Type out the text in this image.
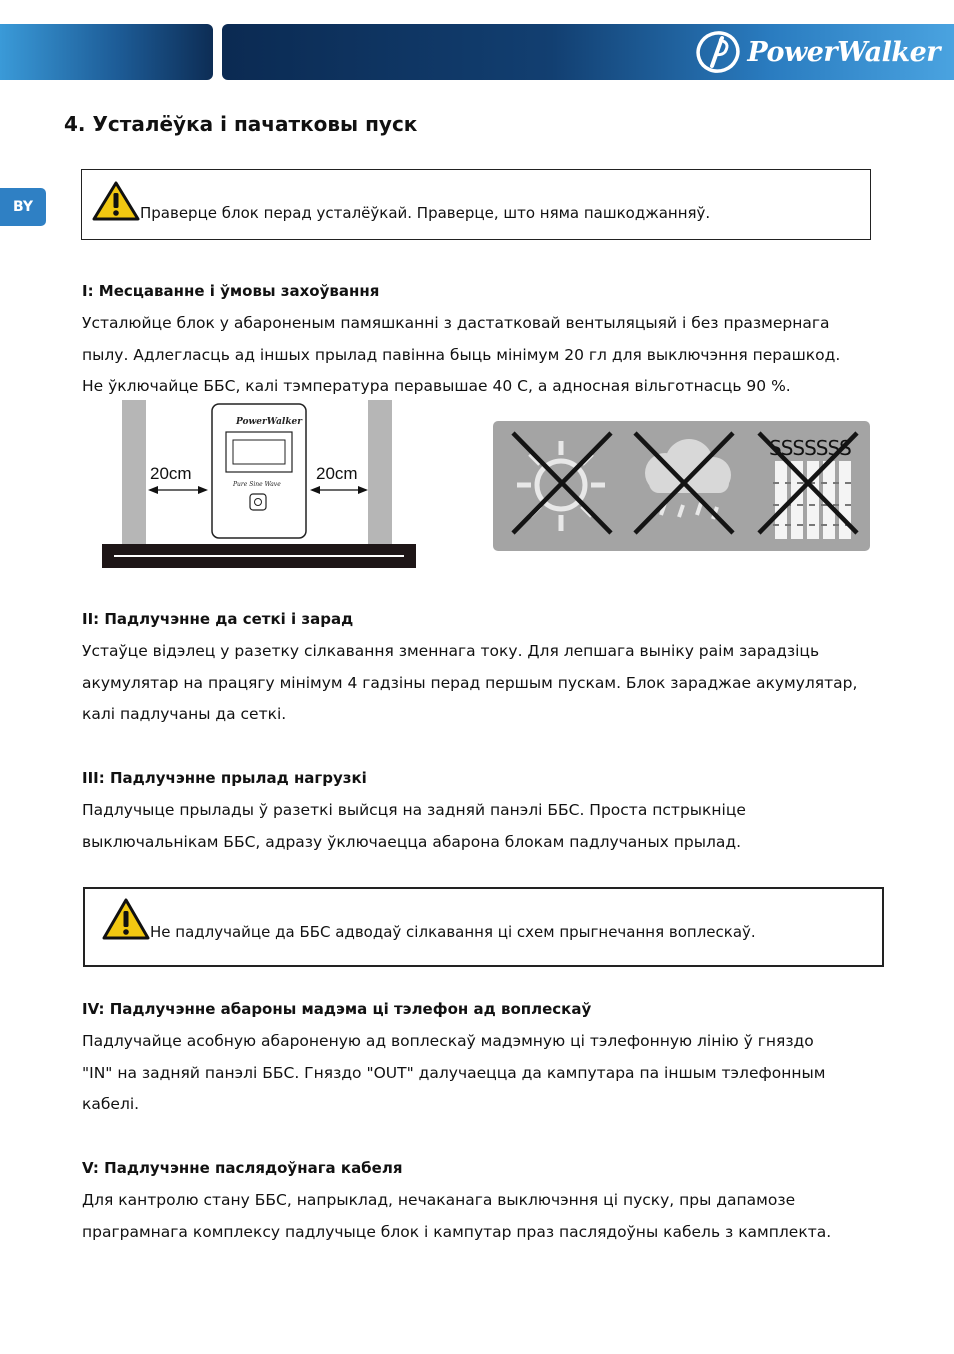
PowerWalker
4. Усталёўка і пачатковы пуск
BY	Праверце блок перад усталёўкай. Праверце, што няма пашкоджанняў.
I: Месцаванне і ўмовы захоўвання
Усталюйце блок у абароненым памяшканні з дастатковай вентыляцыяй і без празмернага
пылу. Адлегласць ад іншых прылад павінна быць мінімум 20 гл для выключэння перашкод.
Не ўключайце ББС, калі тэмпература перавышае 40 С, а адносная вільготнасць 90 %.
PowerWalker
Pure Sine Wave
20cm	20cm
SSSSSSS
II: Падлучэнне да сеткі і зарад
Устаўце відэлец у разетку сілкавання зменнага току. Для лепшага выніку раім зарадзіць
акумулятар на працягу мінімум 4 гадзіны перад першым пускам. Блок зараджае акумулятар,
калі падлучаны да сеткі.
III: Падлучэнне прылад нагрузкі
Падлучыце прылады ў разеткі выйсця на задняй панэлі ББС. Проста пстрыкніце
выключальнікам ББС, адразу ўключаецца абарона блокам падлучаных прылад.
Не падлучайце да ББС адводаў сілкавання ці схем прыгнечання воплескаў.
IV: Падлучэнне абароны мадэма ці тэлефон ад воплескаў
Падлучайце асобную абароненую ад воплескаў мадэмную ці тэлефонную лінію ў гняздо
"IN" на задняй панэлі ББС. Гняздо "OUT" далучаецца да кампутара па іншым тэлефонным
кабелі.
V: Падлучэнне паслядоўнага кабеля
Для кантролю стану ББС, напрыклад, нечаканага выключэння ці пуску, пры дапамозе
праграмнага комплексу падлучыце блок і кампутар праз паслядоўны кабель з камплекта.
